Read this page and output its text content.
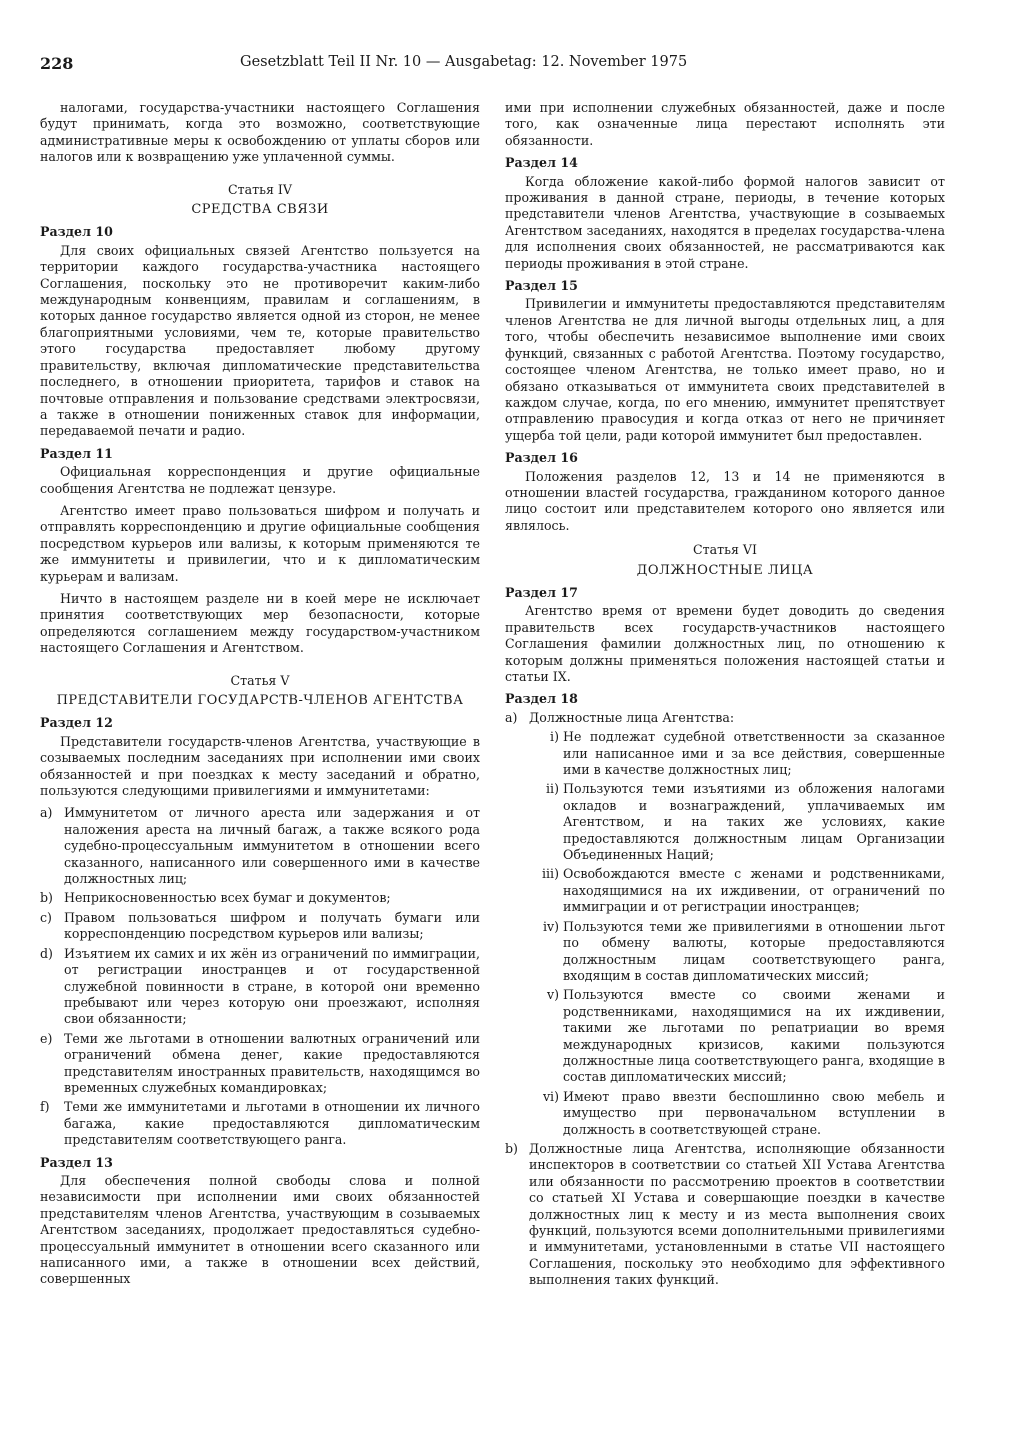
228	Gesetzblatt Teil II Nr. 10 — Ausgabetag: 12. November 1975

налогами, государства-участники настоящего Соглашения будут принимать, когда это возможно, соответствующие административные меры к освобождению от уплаты сборов или налогов или к возвращению уже уплаченной суммы.

Статья IV
СРЕДСТВА СВЯЗИ
Раздел 10

Для своих официальных связей Агентство пользуется на территории каждого государства-участника настоящего Соглашения, поскольку это не противоречит каким-либо международным конвенциям, правилам и соглашениям, в которых данное государство является одной из сторон, не менее благоприятными условиями, чем те, которые правительство этого государства предоставляет любому другому правительству, включая дипломатические представительства последнего, в отношении приоритета, тарифов и ставок на почтовые отправления и пользование средствами электросвязи, а также в отношении пониженных ставок для информации, передаваемой печати и радио.

Раздел 11

Официальная корреспонденция и другие официальные сообщения Агентства не подлежат цензуре.

Агентство имеет право пользоваться шифром и получать и отправлять корреспонденцию и другие официальные сообщения посредством курьеров или вализы, к которым применяются те же иммунитеты и привилегии, что и к дипломатическим курьерам и вализам.

Ничто в настоящем разделе ни в коей мере не исключает принятия соответствующих мер безопасности, которые определяются соглашением между государством-участником настоящего Соглашения и Агентством.

Статья V
ПРЕДСТАВИТЕЛИ ГОСУДАРСТВ-ЧЛЕНОВ АГЕНТСТВА
Раздел 12

Представители государств-членов Агентства, участвующие в созываемых последним заседаниях при исполнении ими своих обязанностей и при поездках к месту заседаний и обратно, пользуются следующими привилегиями и иммунитетами:

a) Иммунитетом от личного ареста или задержания и от наложения ареста на личный багаж, а также всякого рода судебно-процессуальным иммунитетом в отношении всего сказанного, написанного или совершенного ими в качестве должностных лиц;
b) Неприкосновенностью всех бумаг и документов;
c) Правом пользоваться шифром и получать бумаги или корреспонденцию посредством курьеров или вализы;
d) Изъятием их самих и их жён из ограничений по иммиграции, от регистрации иностранцев и от государственной служебной повинности в стране, в которой они временно пребывают или через которую они проезжают, исполняя свои обязанности;
e) Теми же льготами в отношении валютных ограничений или ограничений обмена денег, какие предоставляются представителям иностранных правительств, находящимся во временных служебных командировках;
f)	Теми же иммунитетами и льготами в отношении их личного багажа, какие предоставляются дипломатическим представителям соответствующего ранга.
Раздел 13

Для обеспечения полной свободы слова и полной независимости при исполнении ими своих обязанностей представителям членов Агентства, участвующим в созываемых Агентством заседаниях, продолжает предоставляться судебно-процессуальный иммунитет в отношении всего сказанного или написанного ими, а также в отношении всех действий, совершенных

ими при исполнении служебных обязанностей, даже и после того, как означенные лица перестают исполнять эти обязанности.

Раздел 14

Когда обложение какой-либо формой налогов зависит от проживания в данной стране, периоды, в течение которых представители членов Агентства, участвующие в созываемых Агентством заседаниях, находятся в пределах государства-члена для исполнения своих обязанностей, не рассматриваются как периоды проживания в этой стране.

Раздел 15

Привилегии и иммунитеты предоставляются представителям членов Агентства не для личной выгоды отдельных лиц, а для того, чтобы обеспечить независимое выполнение ими своих функций, связанных с работой Агентства. Поэтому государство, состоящее членом Агентства, не только имеет право, но и обязано отказываться от иммунитета своих представителей в каждом случае, когда, по его мнению, иммунитет препятствует отправлению правосудия и когда отказ от него не причиняет ущерба той цели, ради которой иммунитет был предоставлен.

Раздел 16

Положения разделов 12, 13 и 14 не применяются в отношении властей государства, гражданином которого данное лицо состоит или представителем которого оно является или являлось.

Статья VI
ДОЛЖНОСТНЫЕ ЛИЦА
Раздел 17

Агентство время от времени будет доводить до сведения правительств всех государств-участников настоящего Соглашения фамилии должностных лиц, по отношению к которым должны применяться положения настоящей статьи и статьи IX.

Раздел 18
a) Должностные лица Агентства:
i) Не подлежат судебной ответственности за сказанное или написанное ими и за все действия, совершенные ими в качестве должностных лиц;
ii) Пользуются теми изъятиями из обложения налогами окладов и вознаграждений, уплачиваемых им Агентством, и на таких же условиях, какие предоставляются должностным лицам Организации Объединенных Наций;
iii) Освобождаются вместе с женами и родственниками, находящимися на их иждивении, от ограничений по иммиграции и от регистрации иностранцев;
iv) Пользуются теми же привилегиями в отношении льгот по обмену валюты, которые предоставляются должностным лицам соответствующего ранга, входящим в состав дипломатических миссий;
v) Пользуются вместе со своими женами и родственниками, находящимися на их иждивении, такими же льготами по репатриации во время международных кризисов, какими пользуются должностные лица соответствующего ранга, входящие в состав дипломатических миссий;
vi) Имеют право ввезти беспошлинно свою мебель и имущество при первоначальном вступлении в должность в соответствующей стране.
b) Должностные лица Агентства, исполняющие обязанности инспекторов в соответствии со статьей XII Устава Агентства или обязанности по рассмотрению проектов в соответствии со статьей XI Устава и совершающие поездки в качестве должностных лиц к месту и из места выполнения своих функций, пользуются всеми дополнительными привилегиями и иммунитетами, установленными в статье VII настоящего Соглашения, поскольку это необходимо для эффективного выполнения таких функций.
